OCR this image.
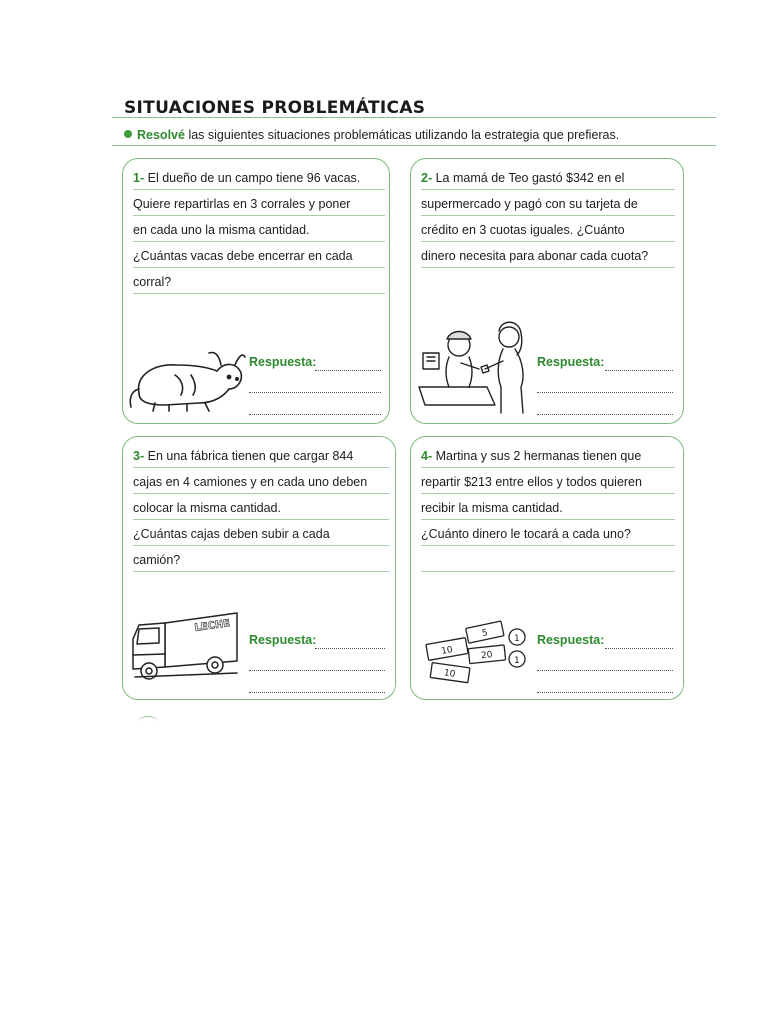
SITUACIONES PROBLEMÁTICAS
Resolvé las siguientes situaciones problemáticas utilizando la estrategia que prefieras.
1- El dueño de un campo tiene 96 vacas.
Quiere repartirlas en 3 corrales y poner
en cada uno la misma cantidad.
¿Cuántas vacas debe encerrar en cada
corral?
Respuesta:
2- La mamá de Teo gastó $342 en el
supermercado y pagó con su tarjeta de
crédito en 3 cuotas iguales. ¿Cuánto
dinero necesita para abonar cada cuota?
Respuesta:
3- En una fábrica tienen que cargar 844
cajas en 4 camiones y en cada uno deben
colocar la misma cantidad.
¿Cuántas cajas deben subir a cada
camión?
LECHE
Respuesta:
4- Martina y sus 2 hermanas tienen que
repartir $213 entre ellos y todos quieren
recibir la misma cantidad.
¿Cuánto dinero le tocará a cada uno?
10
5
20
10
1
1
Respuesta:
